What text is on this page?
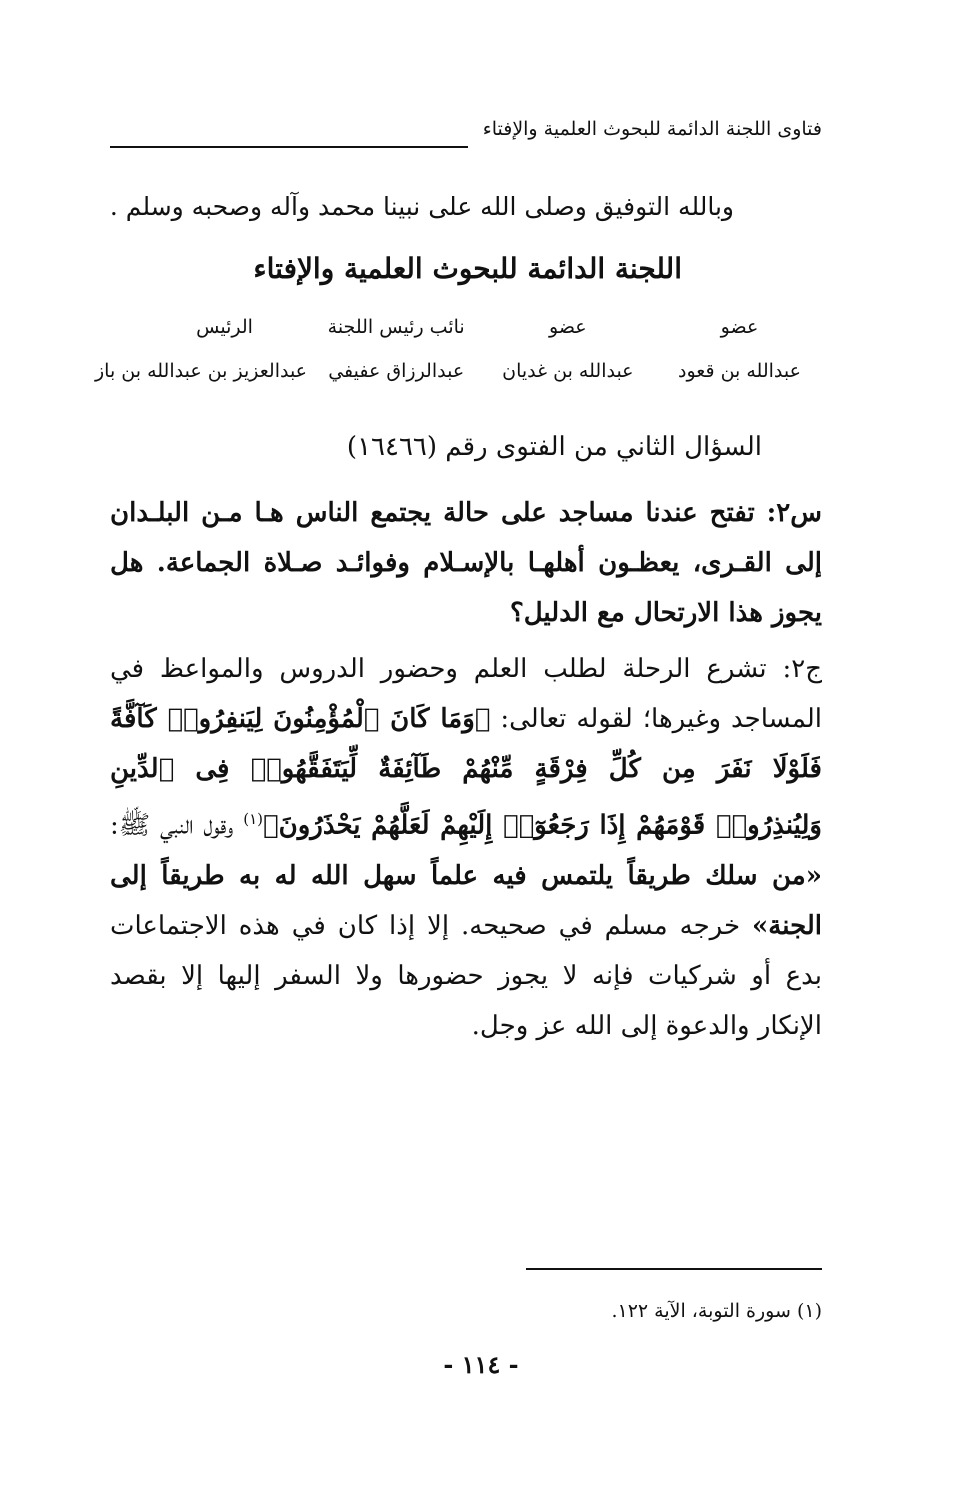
فتاوى اللجنة الدائمة للبحوث العلمية والإفتاء
وبالله التوفيق وصلى الله على نبينا محمد وآله وصحبه وسلم .
اللجنة الدائمة للبحوث العلمية والإفتاء
عضو
عضو
نائب رئيس اللجنة
الرئيس
عبدالله بن قعود
عبدالله بن غديان
عبدالرزاق عفيفي
عبدالعزيز بن عبدالله بن باز
السؤال الثاني من الفتوى رقم (١٦٤٦٦)

س٢: تفتح عندنا مساجد على حالة يجتمع الناس هـا مـن البلـدان إلى القـرى، يعظـون أهلهـا بالإسـلام وفوائـد صـلاة الجماعة. هل يجوز هذا الارتحال مع الدليل؟

ج٢: تشرع الرحلة لطلب العلم وحضور الدروس والمواعظ في المساجد وغيرها؛ لقوله تعالى: ﴿وَمَا كَانَ ٱلْمُؤْمِنُونَ لِيَنفِرُوا۟ كَآفَّةً فَلَوْلَا نَفَرَ مِن كُلِّ فِرْقَةٍ مِّنْهُمْ طَآئِفَةٌ لِّيَتَفَقَّهُوا۟ فِى ٱلدِّينِ وَلِيُنذِرُوا۟ قَوْمَهُمْ إِذَا رَجَعُوٓا۟ إِلَيْهِمْ لَعَلَّهُمْ يَحْذَرُونَ﴾$^{(١)}$ وقول النبي ﷺ: «من سلك طريقاً يلتمس فيه علماً سهل الله له به طريقاً إلى الجنة» خرجه مسلم في صحيحه. إلا إذا كان في هذه الاجتماعات بدع أو شركيات فإنه لا يجوز حضورها ولا السفر إليها إلا بقصد الإنكار والدعوة إلى الله عز وجل.

(١) سورة التوبة، الآية ١٢٢.
- ١١٤ -
